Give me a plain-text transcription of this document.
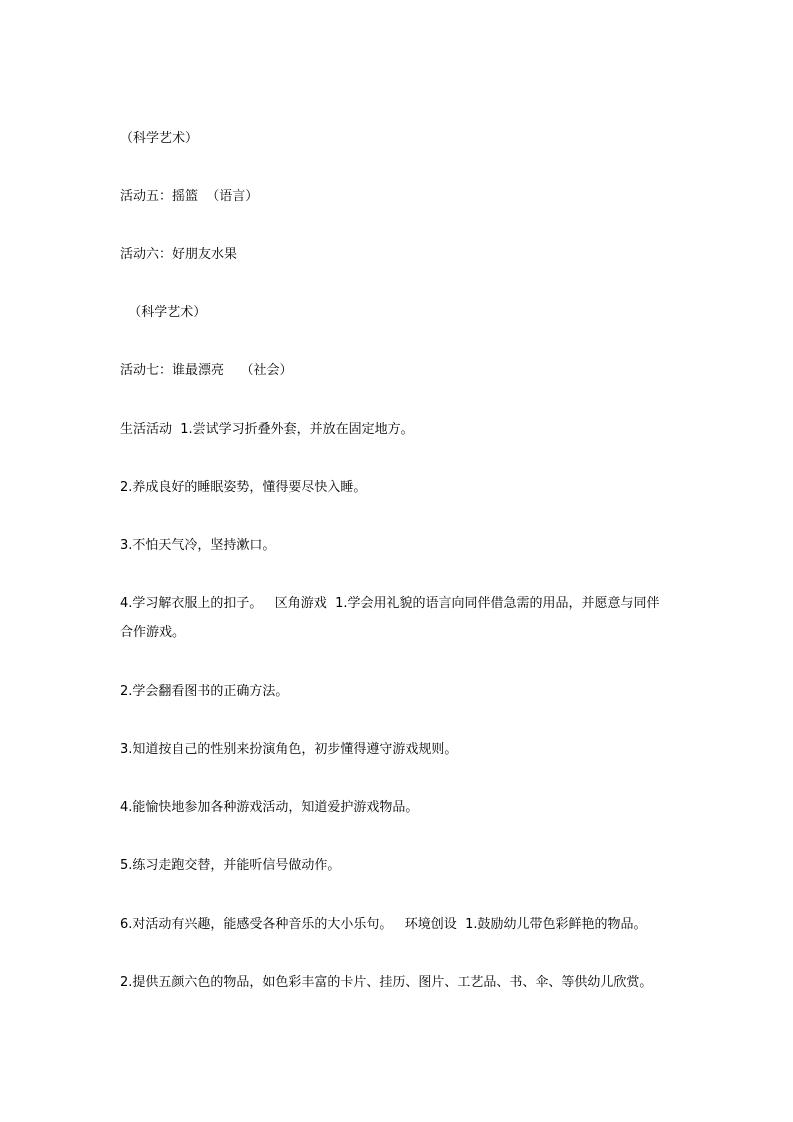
（科学艺术）
活动五：摇篮  （语言）
活动六：好朋友水果
（科学艺术）
活动七：谁最漂亮    （社会）
生活活动  1.尝试学习折叠外套，并放在固定地方。
2.养成良好的睡眠姿势，懂得要尽快入睡。
3.不怕天气冷，坚持漱口。
4.学习解衣服上的扣子。   区角游戏  1.学会用礼貌的语言向同伴借急需的用品，并愿意与同伴
合作游戏。
2.学会翻看图书的正确方法。
3.知道按自己的性别来扮演角色，初步懂得遵守游戏规则。
4.能愉快地参加各种游戏活动，知道爱护游戏物品。
5.练习走跑交替，并能听信号做动作。
6.对活动有兴趣，能感受各种音乐的大小乐句。   环境创设  1.鼓励幼儿带色彩鲜艳的物品。
2.提供五颜六色的物品，如色彩丰富的卡片、挂历、图片、工艺品、书、伞、等供幼儿欣赏。
